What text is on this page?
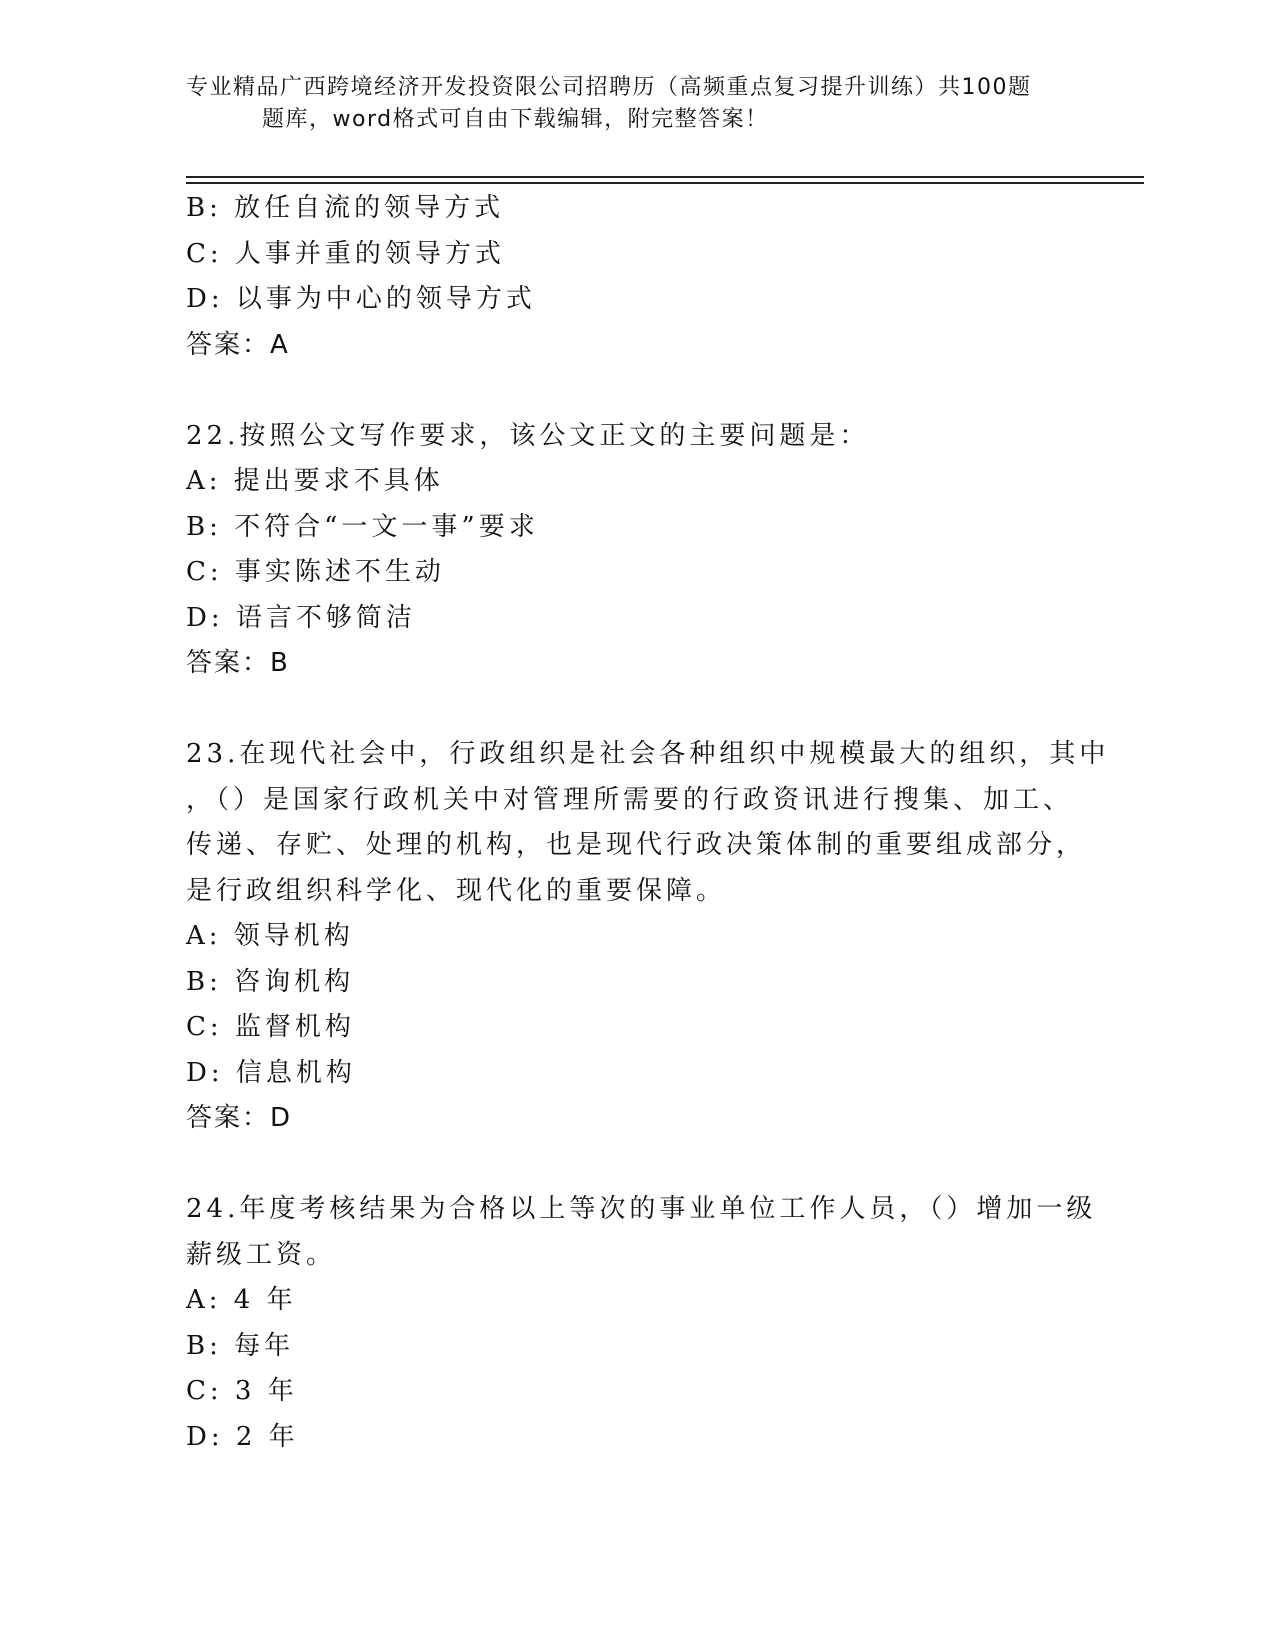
专业精品广西跨境经济开发投资限公司招聘历（高频重点复习提升训练）共100题
题库，word格式可自由下载编辑，附完整答案！
B: 放任自流的领导方式
C: 人事并重的领导方式
D: 以事为中心的领导方式
答案：A
22.按照公文写作要求，该公文正文的主要问题是：
A: 提出要求不具体
B: 不符合“一文一事”要求
C: 事实陈述不生动
D: 语言不够简洁
答案：B
23.在现代社会中，行政组织是社会各种组织中规模最大的组织，其中
，（）是国家行政机关中对管理所需要的行政资讯进行搜集、加工、
传递、存贮、处理的机构，也是现代行政决策体制的重要组成部分，
是行政组织科学化、现代化的重要保障。
A: 领导机构
B: 咨询机构
C: 监督机构
D: 信息机构
答案：D
24.年度考核结果为合格以上等次的事业单位工作人员，（）增加一级
薪级工资。
A: 4 年
B: 每年
C: 3 年
D: 2 年
